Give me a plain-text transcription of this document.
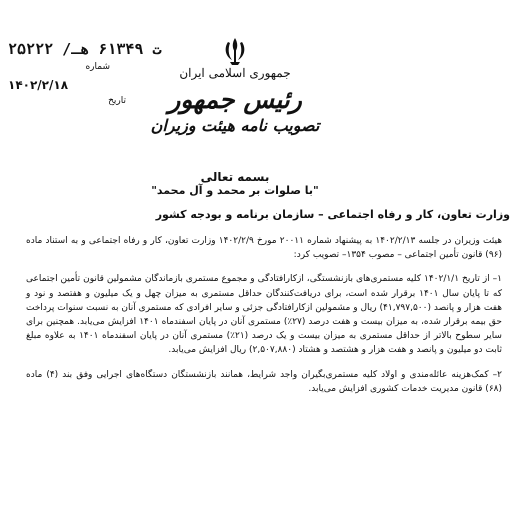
۲۵۲۲۲ /ت ۶۱۳۴۹ هـ
شماره
۱۴۰۲/۲/۱۸
تاریخ
جمهوری اسلامی ایران
رئیس جمهور
تصویب نامه هیئت وزیران
بسمه تعالی
"با صلوات بر محمد و آل محمد"
وزارت تعاون، کار و رفاه اجتماعی – سازمان برنامه و بودجه کشور

هیئت وزیران در جلسه ۱۴۰۲/۲/۱۳ به پیشنهاد شماره ۲۰۰۱۱ مورخ ۱۴۰۲/۲/۹ وزارت تعاون، کار و رفاه اجتماعی و به استناد ماده (۹۶) قانون تأمین اجتماعی – مصوب ۱۳۵۴– تصویب کرد:

۱– از تاریخ ۱۴۰۲/۱/۱ کلیه مستمری‌های بازنشستگی، ازکارافتادگی و مجموع مستمری بازماندگان مشمولین قانون تأمین اجتماعی که تا پایان سال ۱۴۰۱ برقرار شده است، برای دریافت‌کنندگان حداقل مستمری به میزان چهل و یک میلیون و هفتصد و نود و هفت هزار و پانصد (۴۱,۷۹۷,۵۰۰) ریال و مشمولین ازکارافتادگی جزئی و سایر افرادی که مستمری آنان به نسبت سنوات پرداخت حق بیمه برقرار شده، به میزان بیست و هفت درصد (۲۷٪) مستمری آنان در پایان اسفندماه ۱۴۰۱ افزایش می‌یابد. همچنین برای سایر سطوح بالاتر از حداقل مستمری به میزان بیست و یک درصد (۲۱٪) مستمری آنان در پایان اسفندماه ۱۴۰۱ به علاوه مبلغ ثابت دو میلیون و پانصد و هفت هزار و هشتصد و هشتاد (۲,۵۰۷,۸۸۰) ریال افزایش می‌یابد.

۲– کمک‌هزینه عائله‌مندی و اولاد کلیه مستمری‌بگیران واجد شرایط، همانند بازنشستگان دستگاه‌های اجرایی وفق بند (۴) ماده (۶۸) قانون مدیریت خدمات کشوری افزایش می‌یابد.
